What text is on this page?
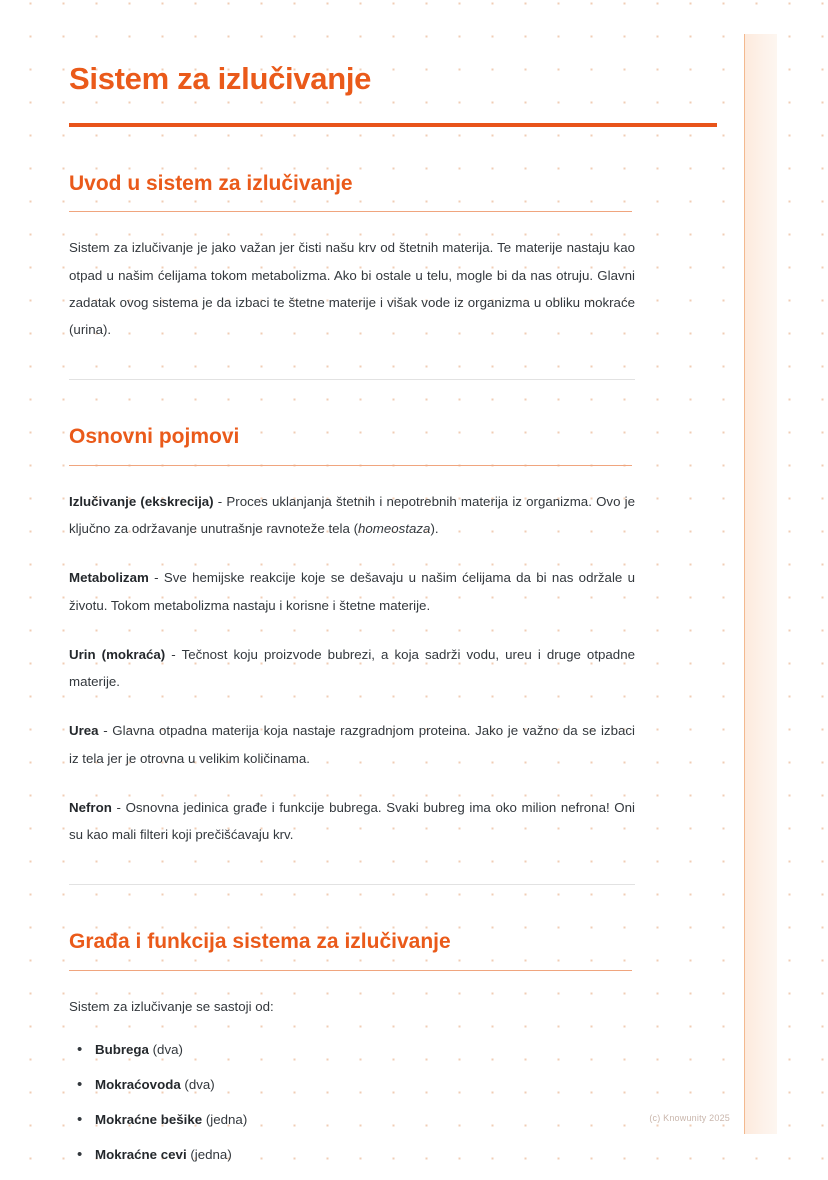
Sistem za izlučivanje
Uvod u sistem za izlučivanje

Sistem za izlučivanje je jako važan jer čisti našu krv od štetnih materija. Te materije nastaju kao otpad u našim ćelijama tokom metabolizma. Ako bi ostale u telu, mogle bi da nas otruju. Glavni zadatak ovog sistema je da izbaci te štetne materije i višak vode iz organizma u obliku mokraće (urina).

Osnovni pojmovi
Izlučivanje (ekskrecija) - Proces uklanjanja štetnih i nepotrebnih materija iz organizma. Ovo je ključno za održavanje unutrašnje ravnoteže tela (homeostaza).
Metabolizam - Sve hemijske reakcije koje se dešavaju u našim ćelijama da bi nas održale u životu. Tokom metabolizma nastaju i korisne i štetne materije.
Urin (mokraća) - Tečnost koju proizvode bubrezi, a koja sadrži vodu, ureu i druge otpadne materije.
Urea - Glavna otpadna materija koja nastaje razgradnjom proteina. Jako je važno da se izbaci iz tela jer je otrovna u velikim količinama.
Nefron - Osnovna jedinica građe i funkcije bubrega. Svaki bubreg ima oko milion nefrona! Oni su kao mali filteri koji prečišćavaju krv.
Građa i funkcija sistema za izlučivanje

Sistem za izlučivanje se sastoji od:

• Bubrega (dva)
• Mokraćovoda (dva)
• Mokraćne bešike (jedna)
• Mokraćne cevi (jedna)
(c) Knowunity 2025
